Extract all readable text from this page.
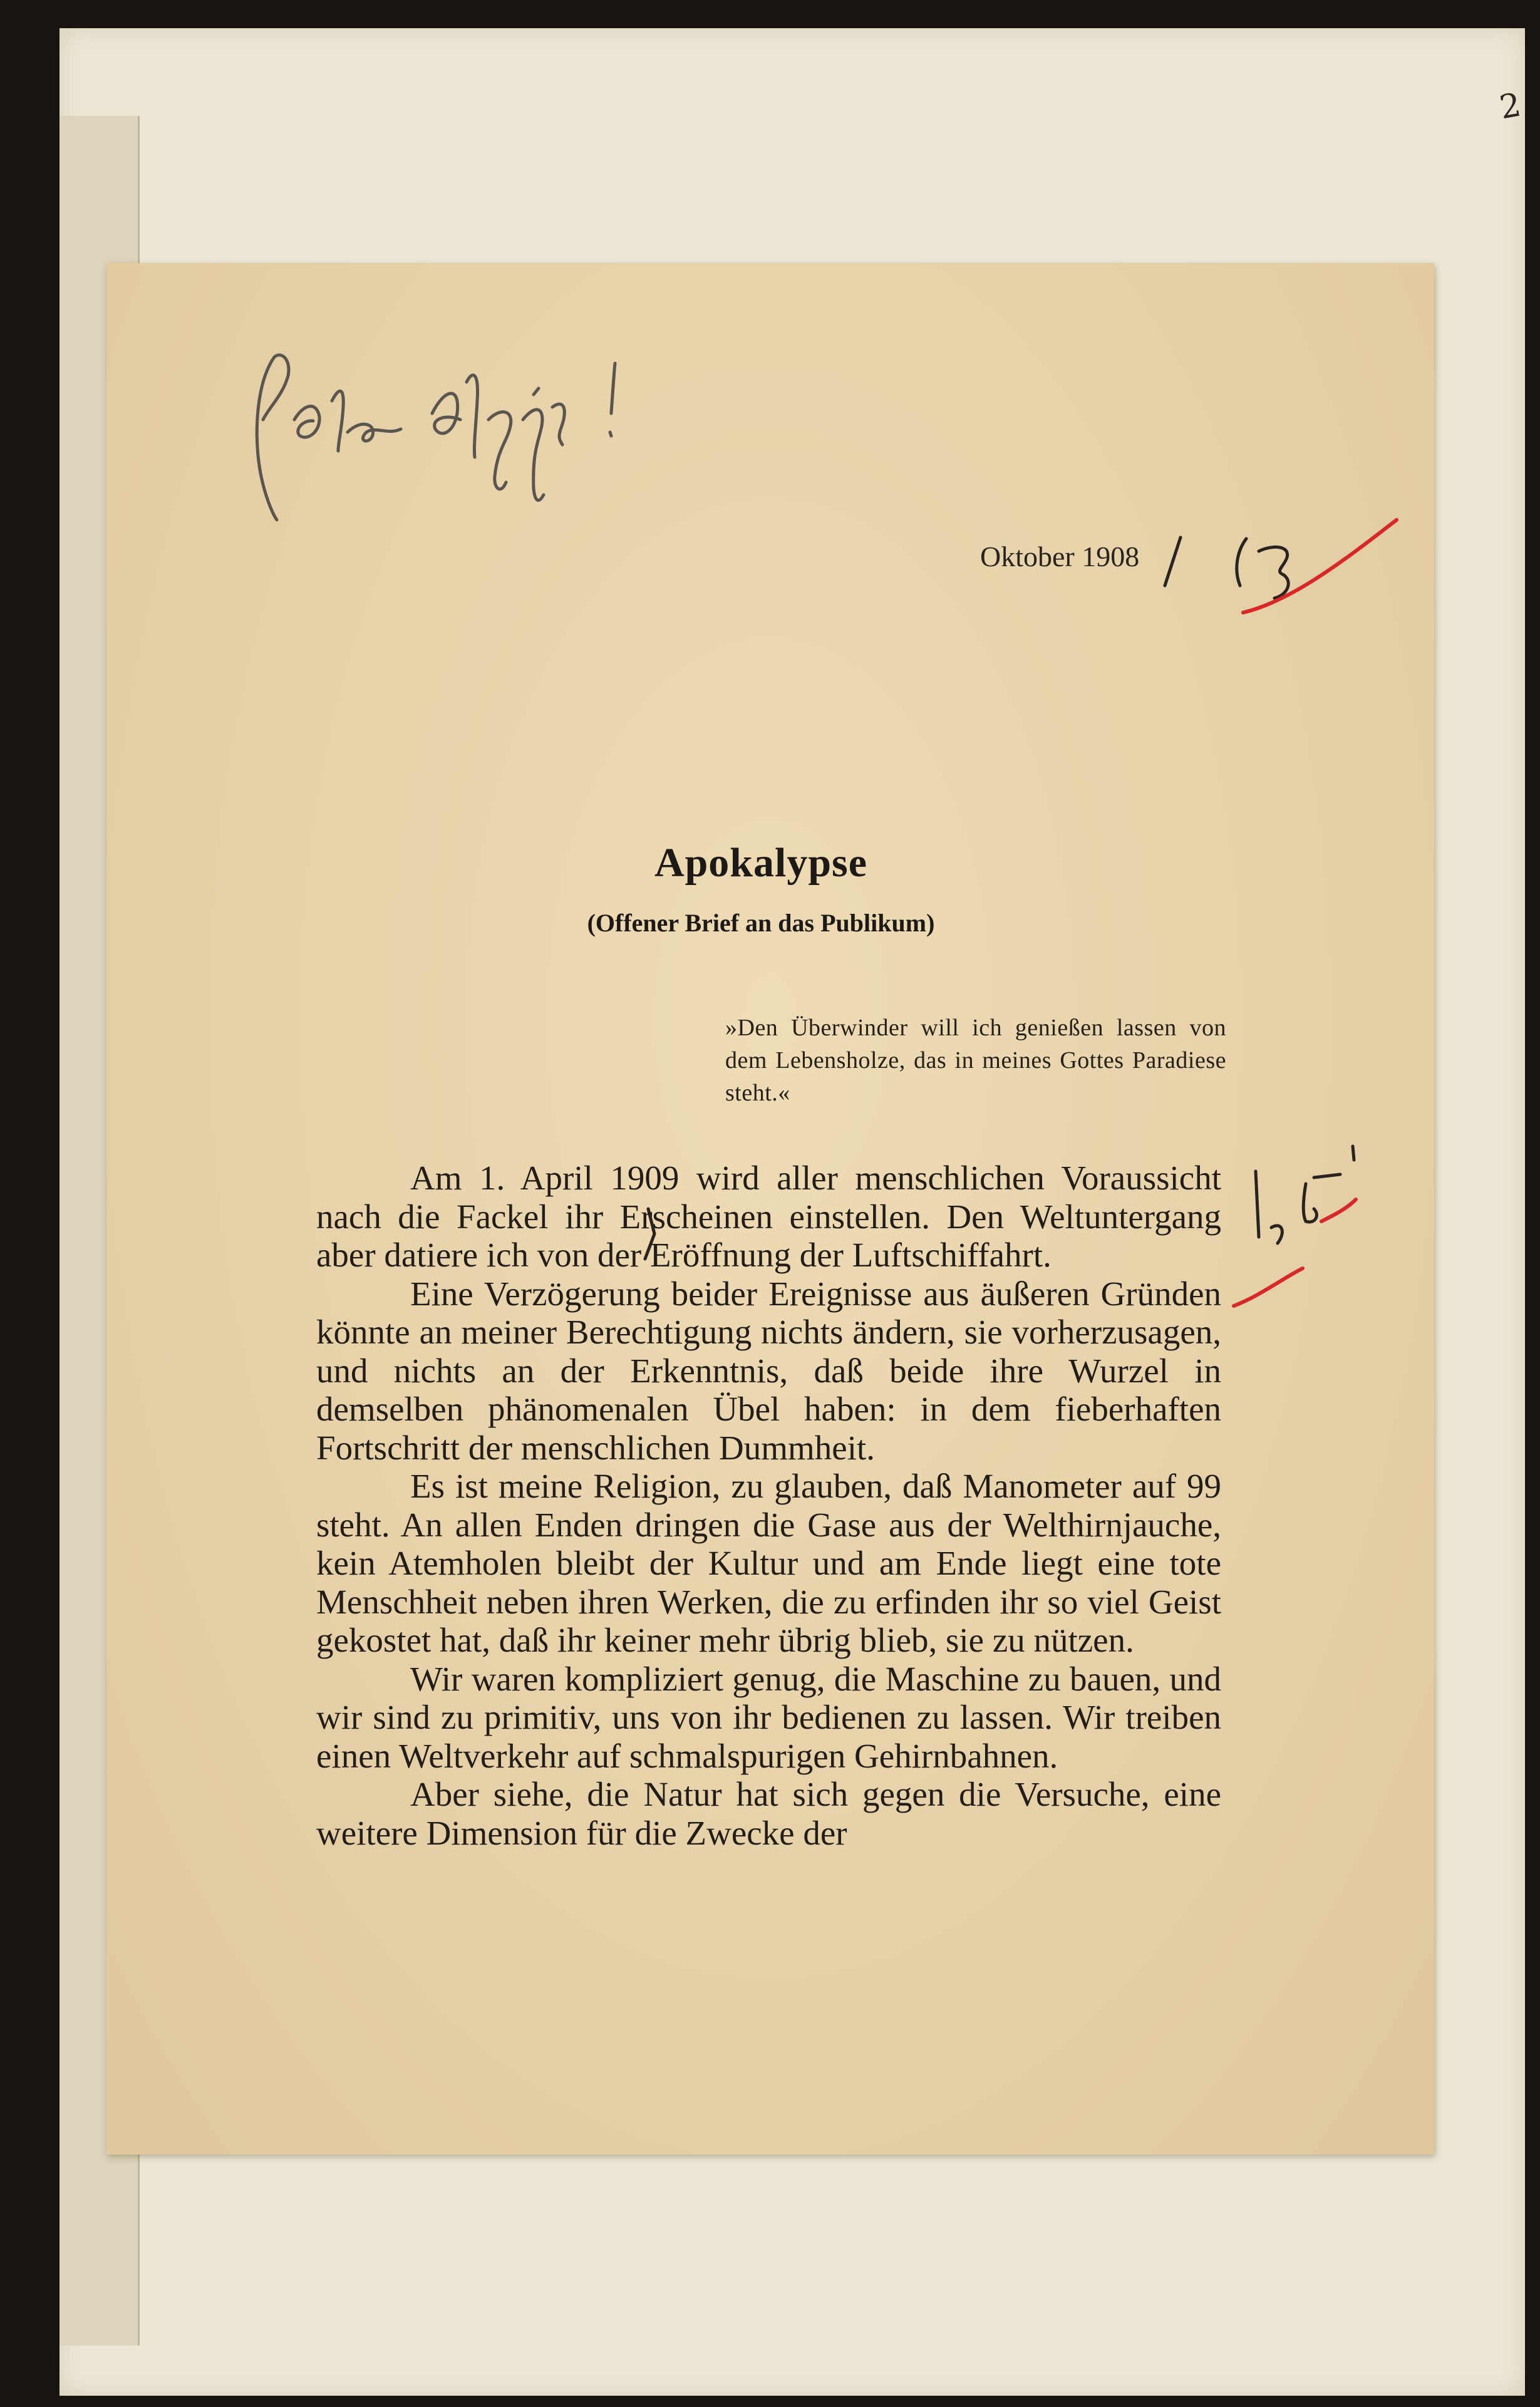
2
Oktober 1908
Apokalypse
(Offener Brief an das Publikum)
»Den Überwinder will ich genießen lassen von dem Lebensholze, das in meines Gottes Paradiese steht.«

Am 1. April 1909 wird aller menschlichen Voraussicht nach die Fackel ihr Erscheinen einstellen. Den Weltuntergang aber datiere ich von der Eröffnung der Luftschiffahrt.

Eine Verzögerung beider Ereignisse aus äußeren Gründen könnte an meiner Berechtigung nichts ändern, sie vorherzusagen, und nichts an der Erkenntnis, daß beide ihre Wurzel in demselben phänomenalen Übel haben: in dem fieberhaften Fortschritt der menschlichen Dummheit.

Es ist meine Religion, zu glauben, daß Manometer auf 99 steht. An allen Enden dringen die Gase aus der Welthirnjauche, kein Atemholen bleibt der Kultur und am Ende liegt eine tote Menschheit neben ihren Werken, die zu erfinden ihr so viel Geist gekostet hat, daß ihr keiner mehr übrig blieb, sie zu nützen.

Wir waren kompliziert genug, die Maschine zu bauen, und wir sind zu primitiv, uns von ihr bedienen zu lassen. Wir treiben einen Weltverkehr auf schmalspurigen Gehirnbahnen.

Aber siehe, die Natur hat sich gegen die Versuche, eine weitere Dimension für die Zwecke der
